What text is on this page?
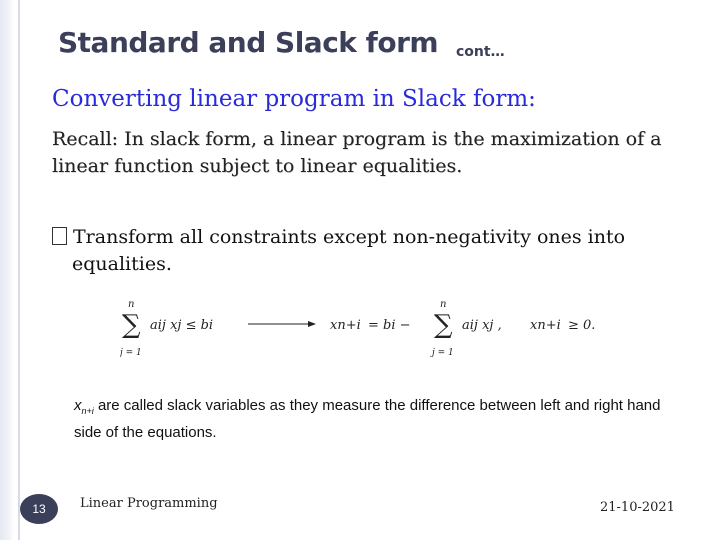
Standard and Slack form cont…
Converting linear program in Slack form:
Recall: In slack form, a linear program is the maximization of a linear function subject to linear equalities.
Transform all constraints except non-negativity ones into
equalities.
n
∑
j = 1
aij xj ≤ bi	xn+i = bi −
n
∑
j = 1
aij xj , xn+i ≥ 0.
$x_{n+i}$ are called slack variables as they measure the difference between left and right hand side of the equations.
13	Linear Programming	21-10-2021
